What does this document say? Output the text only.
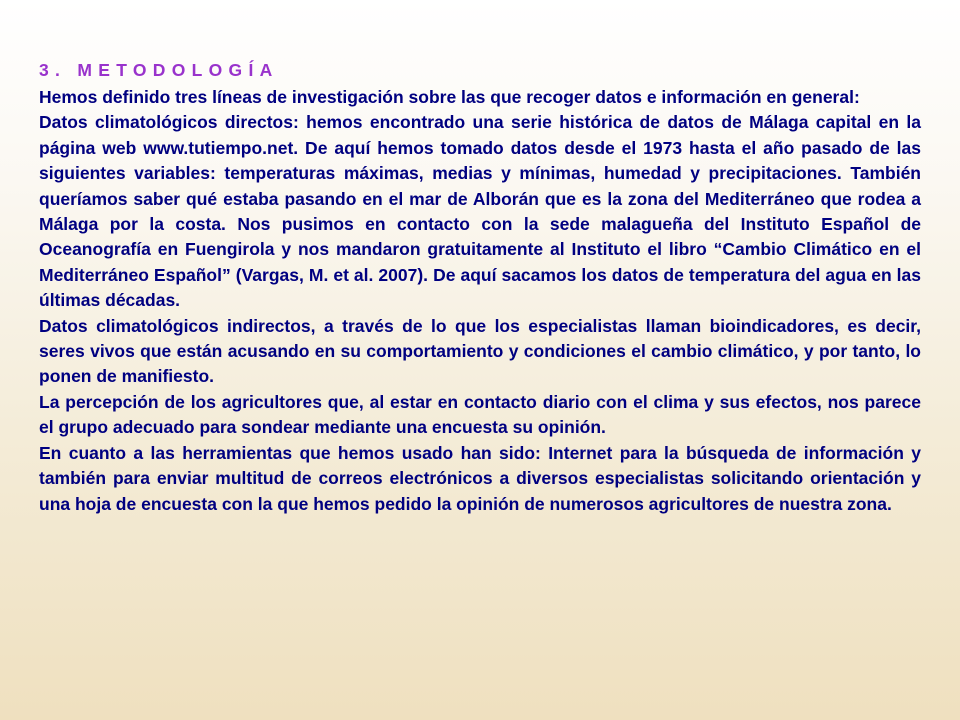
3. METODOLOGÍA

Hemos definido tres líneas de investigación sobre las que recoger datos e información en general:

Datos climatológicos directos: hemos encontrado una serie histórica de datos de Málaga capital en la página web www.tutiempo.net. De aquí hemos tomado datos desde el 1973 hasta el año pasado de las siguientes variables: temperaturas máximas, medias y mínimas, humedad y precipitaciones. También queríamos saber qué estaba pasando en el mar de Alborán que es la zona del Mediterráneo que rodea a Málaga por la costa. Nos pusimos en contacto con la sede malagueña del Instituto Español de Oceanografía en Fuengirola y nos mandaron gratuitamente al Instituto el libro “Cambio Climático en el Mediterráneo Español” (Vargas, M. et al. 2007). De aquí sacamos los datos de temperatura del agua en las últimas décadas.

Datos climatológicos indirectos, a través de lo que los especialistas llaman bioindicadores, es decir, seres vivos que están acusando en su comportamiento y condiciones el cambio climático, y por tanto, lo ponen de manifiesto.

La percepción de los agricultores que, al estar en contacto diario con el clima y sus efectos, nos parece el grupo adecuado para sondear mediante una encuesta su opinión.

En cuanto a las herramientas que hemos usado han sido: Internet para la búsqueda de información y también para enviar multitud de correos electrónicos a diversos especialistas solicitando orientación y una hoja de encuesta con la que hemos pedido la opinión de numerosos agricultores de nuestra zona.
